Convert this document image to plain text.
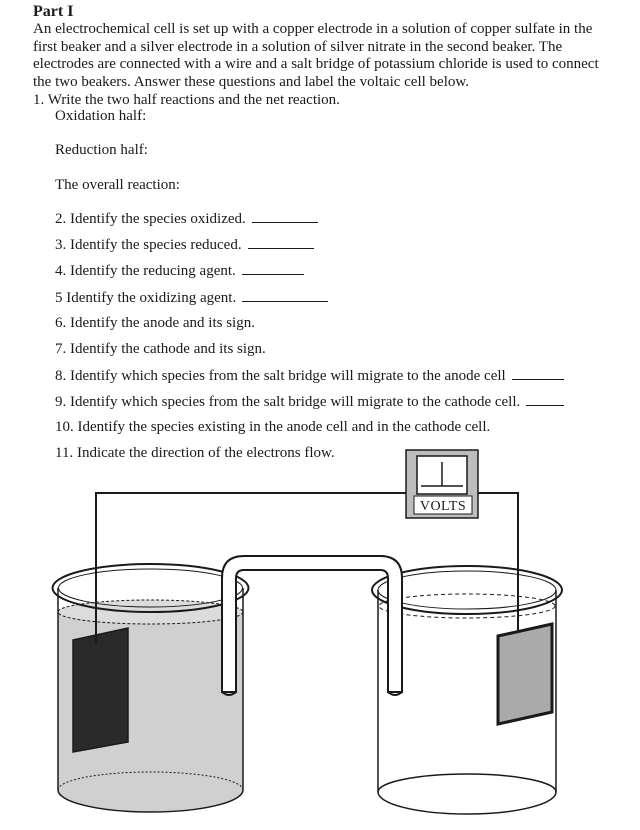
Part I
An electrochemical cell is set up with a copper electrode in a solution of copper sulfate in the first beaker and a silver electrode in a solution of silver nitrate in the second beaker. The electrodes are connected with a wire and a salt bridge of potassium chloride is used to connect the two beakers. Answer these questions and label the voltaic cell below.
1. Write the two half reactions and the net reaction.
Oxidation half:
Reduction half:
The overall reaction:
2. Identify the species oxidized.
3. Identify the species reduced.
4. Identify the reducing agent.
5 Identify the oxidizing agent.
6. Identify the anode and its sign.
7. Identify the cathode and its sign.
8. Identify which species from the salt bridge will migrate to the anode cell
9. Identify which species from the salt bridge will migrate to the cathode cell.
10. Identify the species existing in the anode cell and in the cathode cell.
11. Indicate the direction of the electrons flow.
VOLTS
